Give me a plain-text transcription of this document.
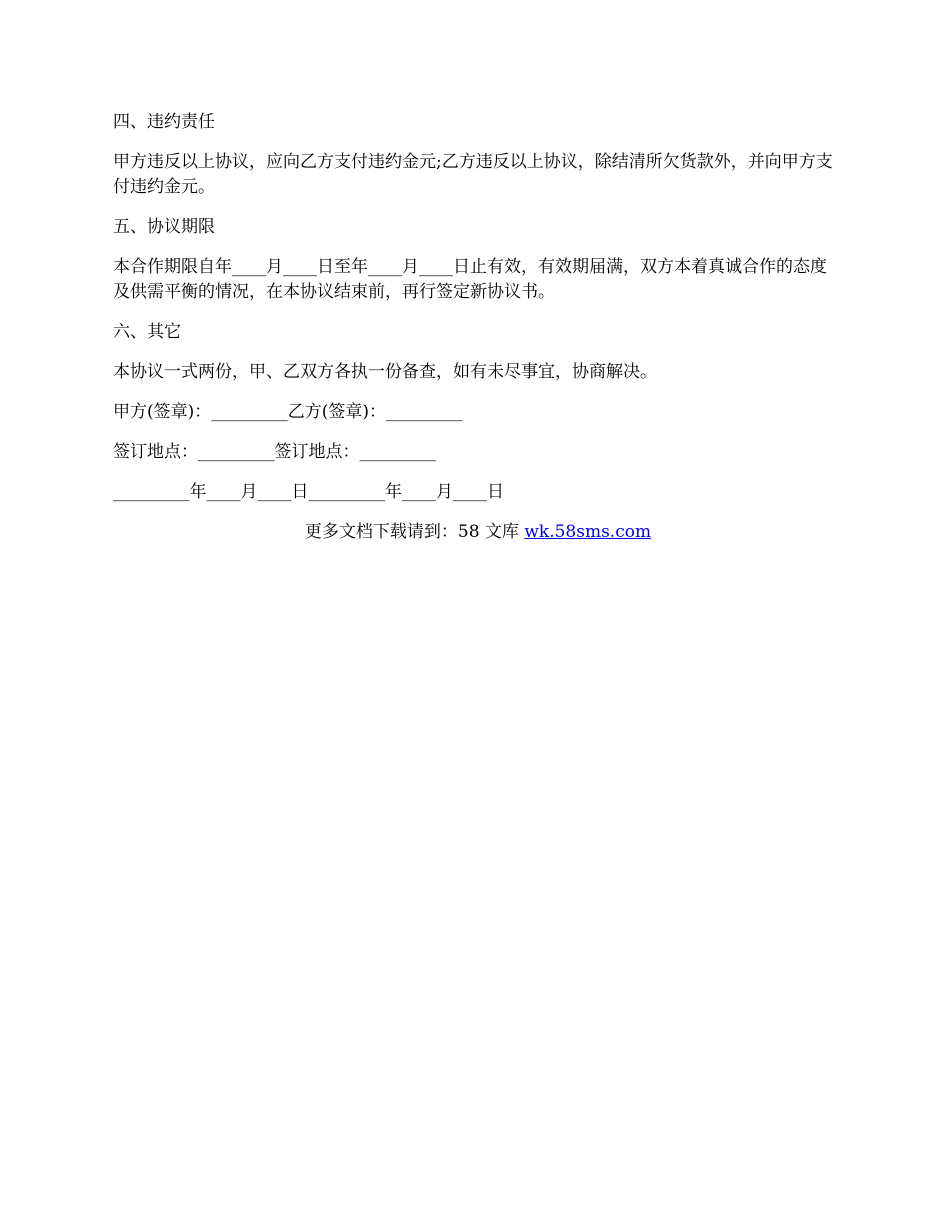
四、违约责任

甲方违反以上协议，应向乙方支付违约金元;乙方违反以上协议，除结清所欠货款外，并向甲方支付违约金元。

五、协议期限

本合作期限自年____月____日至年____月____日止有效，有效期届满，双方本着真诚合作的态度及供需平衡的情况，在本协议结束前，再行签定新协议书。

六、其它

本协议一式两份，甲、乙双方各执一份备查，如有未尽事宜，协商解决。

甲方(签章)：_________乙方(签章)：_________

签订地点：_________签订地点：_________

_________年____月____日_________年____月____日

更多文档下载请到：58 文库 wk.58sms.com
